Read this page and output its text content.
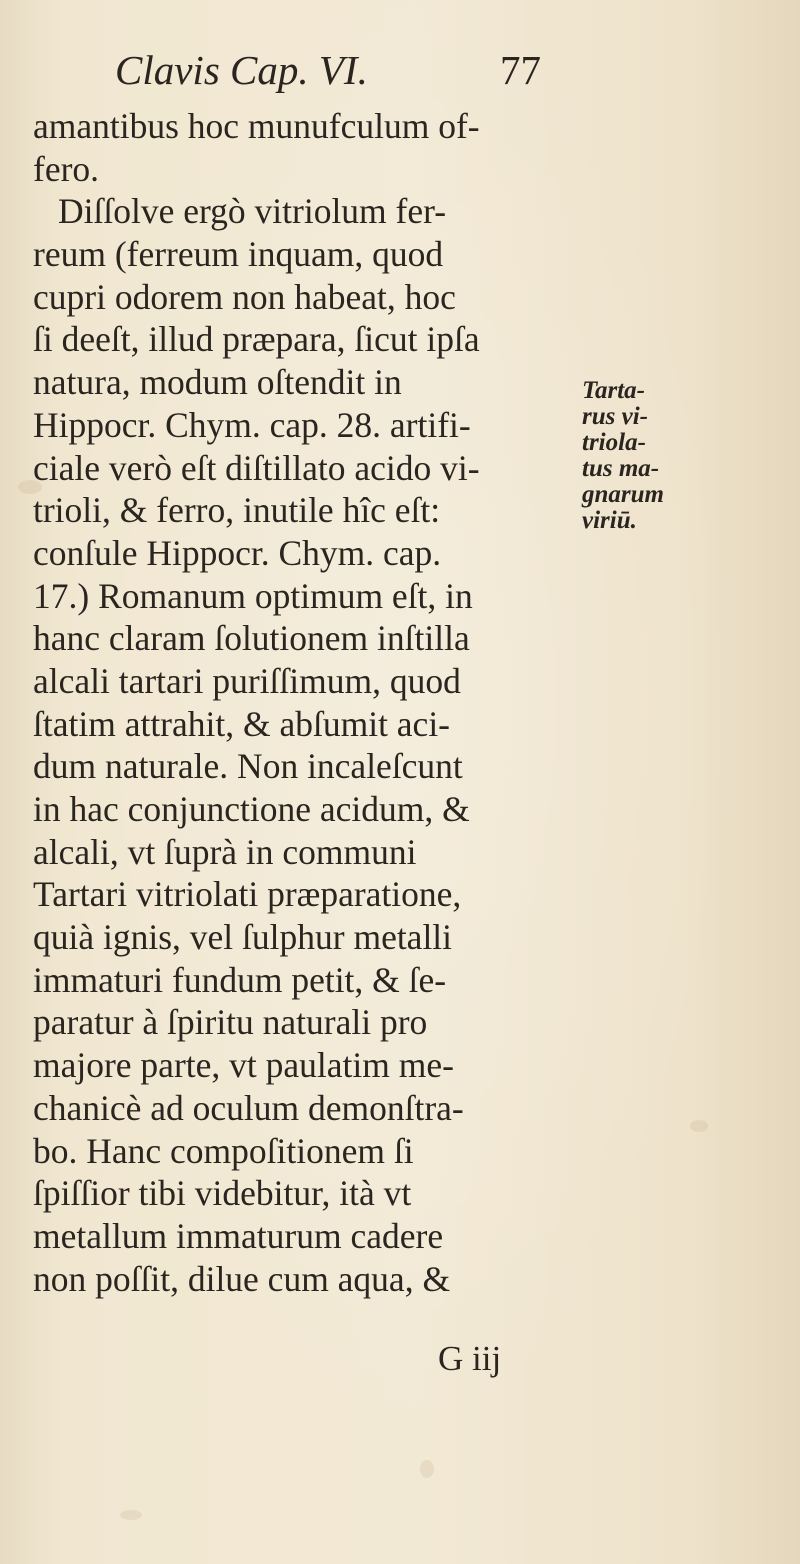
Clavis Cap. VI.	77
amantibus hoc munufculum of-
fero.
Diſſolve ergò vitriolum fer-
reum (ferreum inquam, quod
cupri odorem non habeat, hoc
ſi deeſt, illud præpara, ſicut ipſa
natura, modum oſtendit in
Hippocr. Chym. cap. 28. artifi-
ciale verò eſt diſtillato acido vi-
trioli, & ferro, inutile hîc eſt:
conſule Hippocr. Chym. cap.
17.) Romanum optimum eſt, in
hanc claram ſolutionem inſtilla
alcali tartari puriſſimum, quod
ſtatim attrahit, & abſumit aci-
dum naturale. Non incaleſcunt
in hac conjunctione acidum, &
alcali, vt ſuprà in communi
Tartari vitriolati præparatione,
quià ignis, vel ſulphur metalli
immaturi fundum petit, & ſe-
paratur à ſpiritu naturali pro
majore parte, vt paulatim me-
chanicè ad oculum demonſtra-
bo. Hanc compoſitionem ſi
ſpiſſior tibi videbitur, ità vt
metallum immaturum cadere
non poſſit, dilue cum aqua, &
Tarta-
rus vi-
triola-
tus ma-
gnarum
viriū.
G iij
